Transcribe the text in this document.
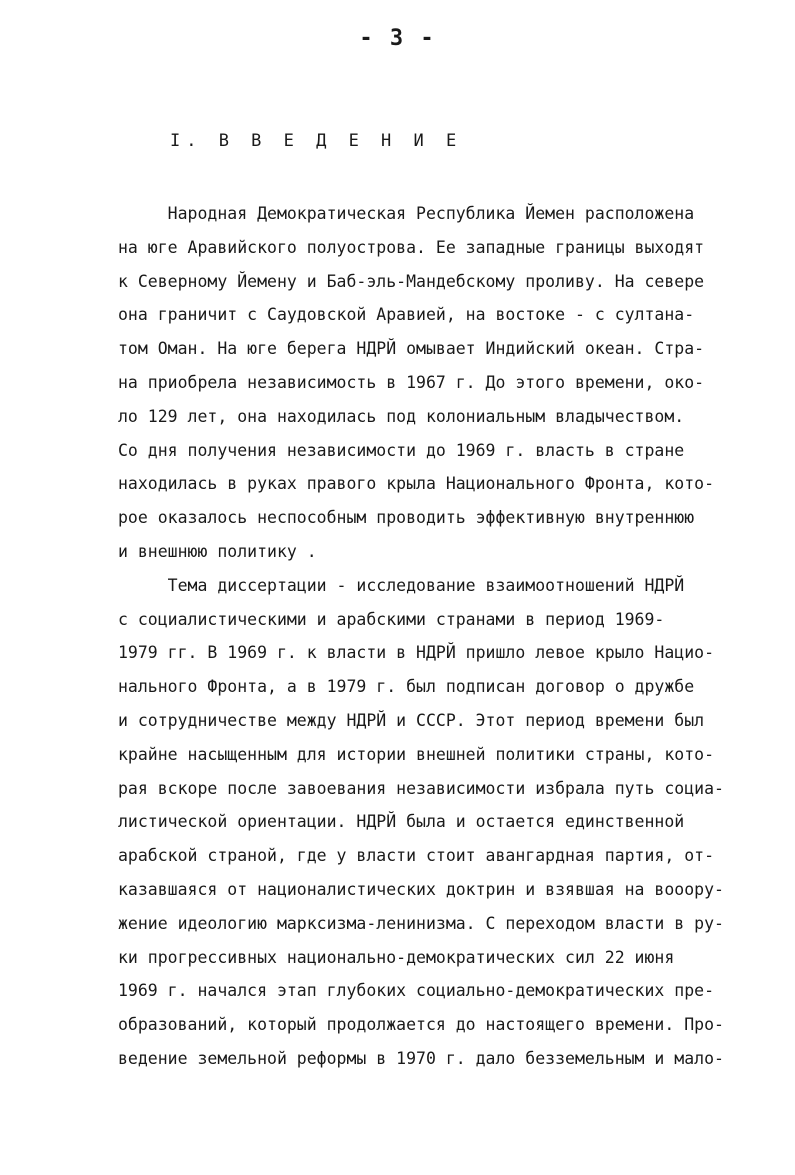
- 3 -
I. В В Е Д Е Н И Е
Народная Демократическая Республика Йемен расположена
на юге Аравийского полуострова. Ее западные границы выходят
к Северному Йемену и Баб-эль-Мандебскому проливу. На севере
она граничит с Саудовской Аравией, на востоке - с султана-
том Оман. На юге берега НДРЙ омывает Индийский океан. Стра-
на приобрела независимость в 1967 г. До этого времени, око-
ло 129 лет, она находилась под колониальным владычеством.
Со дня получения независимости до 1969 г. власть в стране
находилась в руках правого крыла Национального Фронта, кото-
рое оказалось неспособным проводить эффективную внутреннюю
и внешнюю политику .
Тема диссертации - исследование взаимоотношений НДРЙ
с социалистическими и арабскими странами в период 1969-
1979 гг. В 1969 г. к власти в НДРЙ пришло левое крыло Нацио-
нального Фронта, а в 1979 г. был подписан договор о дружбе
и сотрудничестве между НДРЙ и СССР. Этот период времени был
крайне насыщенным для истории внешней политики страны, кото-
рая вскоре после завоевания независимости избрала путь социа-
листической ориентации. НДРЙ была и остается единственной
арабской страной, где у власти стоит авангардная партия, от-
казавшаяся от националистических доктрин и взявшая на вооору-
жение идеологию марксизма-ленинизма. С переходом власти в ру-
ки прогрессивных национально-демократических сил 22 июня
1969 г. начался этап глубоких социально-демократических пре-
образований, который продолжается до настоящего времени. Про-
ведение земельной реформы в 1970 г. дало безземельным и мало-
